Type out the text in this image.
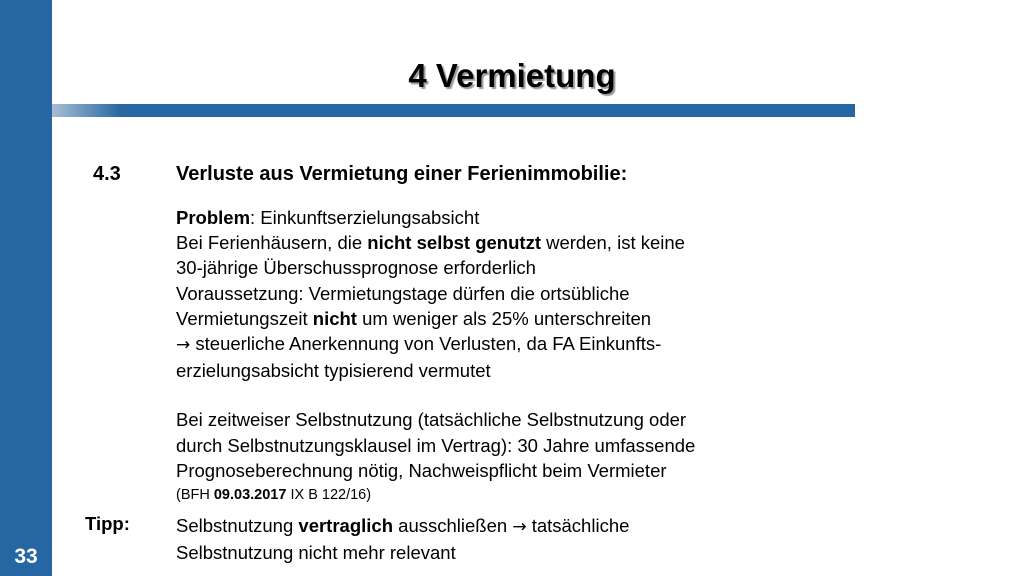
33
4 Vermietung
4.3	Verluste aus Vermietung einer Ferienimmobilie:
Problem: Einkunftserzielungsabsicht
Bei Ferienhäusern, die nicht selbst genutzt werden, ist keine
30-jährige Überschussprognose erforderlich
Voraussetzung: Vermietungstage dürfen die ortsübliche
Vermietungszeit nicht um weniger als 25% unterschreiten
→ steuerliche Anerkennung von Verlusten, da FA Einkunfts-
erzielungsabsicht typisierend vermutet
Bei zeitweiser Selbstnutzung (tatsächliche Selbstnutzung oder
durch Selbstnutzungsklausel im Vertrag): 30 Jahre umfassende
Prognoseberechnung nötig, Nachweispflicht beim Vermieter
(BFH 09.03.2017 IX B 122/16)
Tipp: Selbstnutzung vertraglich ausschließen → tatsächliche
Selbstnutzung nicht mehr relevant
